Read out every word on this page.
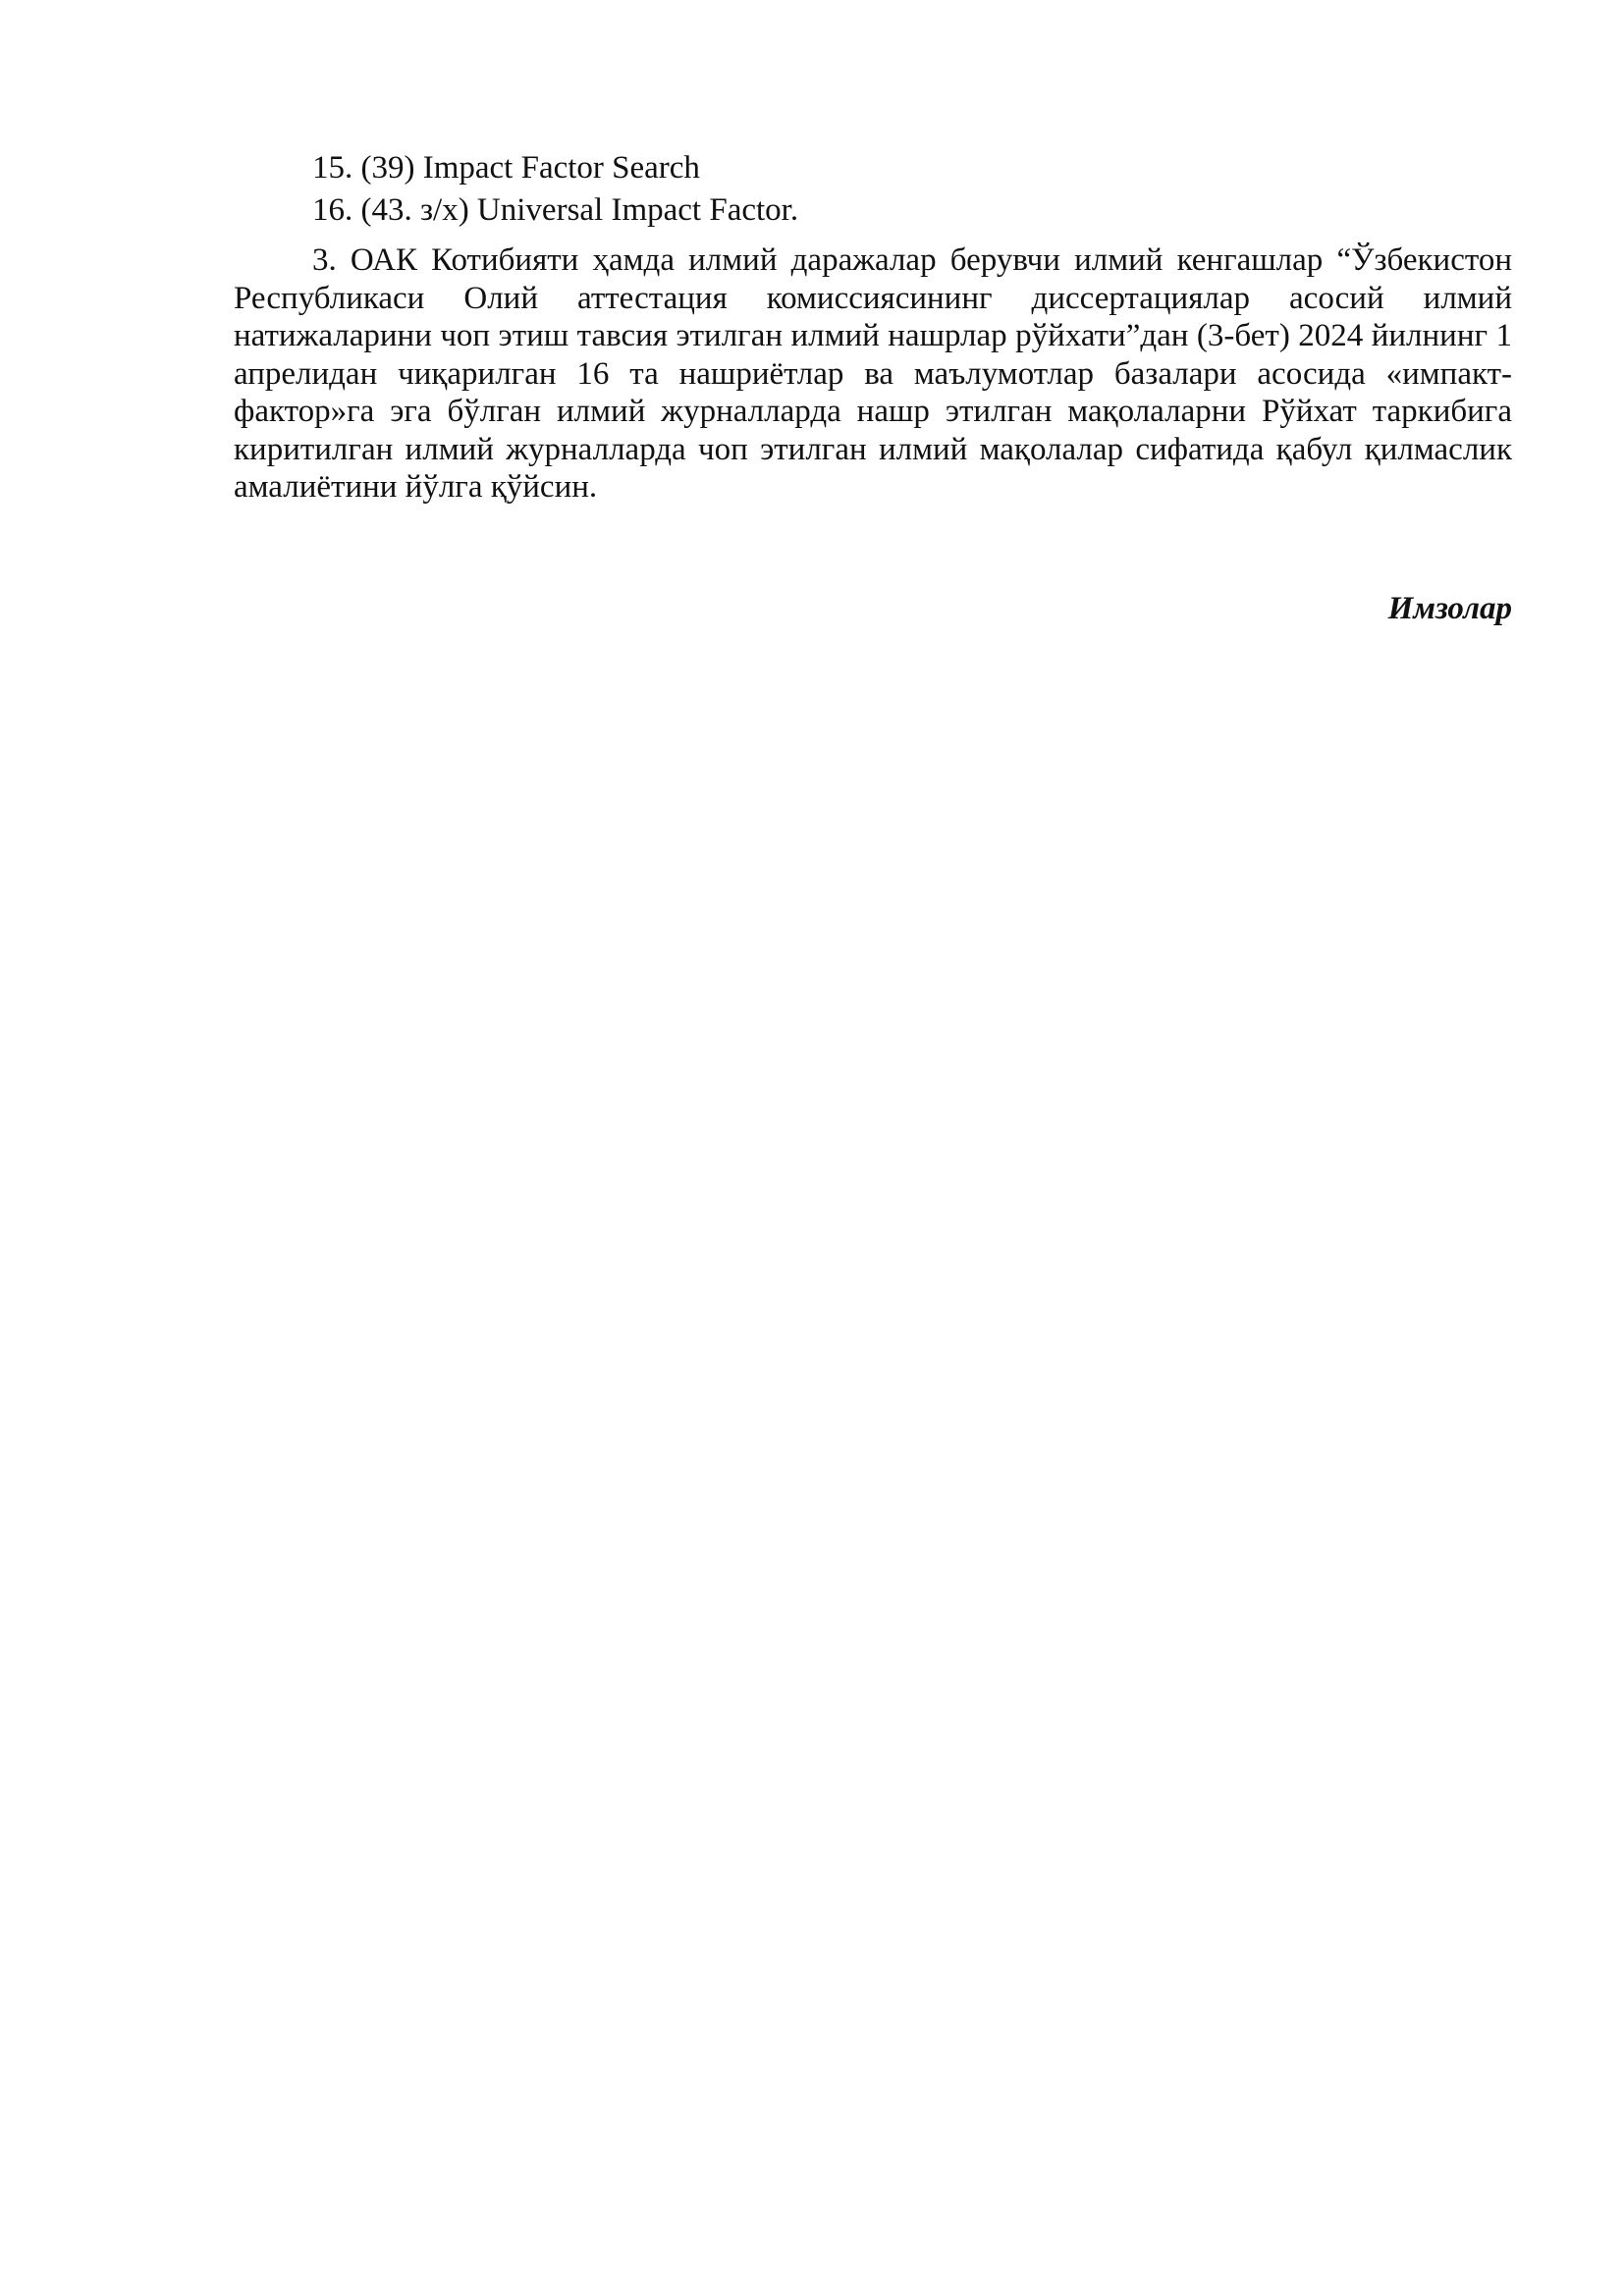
15. (39) Impact Factor Search

16. (43. з/х) Universal Impact Factor.

3. ОАК Котибияти ҳамда илмий даражалар берувчи илмий кенгашлар “Ўзбекистон Республикаси Олий аттестация комиссиясининг диссертациялар асосий илмий натижаларини чоп этиш тавсия этилган илмий нашрлар рўйхати”дан (3-бет) 2024 йилнинг 1 апрелидан чиқарилган 16 та нашриётлар ва маълумотлар базалари асосида «импакт-фактор»га эга бўлган илмий журналларда нашр этилган мақолаларни Рўйхат таркибига киритилган илмий журналларда чоп этилган илмий мақолалар сифатида қабул қилмаслик амалиётини йўлга қўйсин.

Имзолар
